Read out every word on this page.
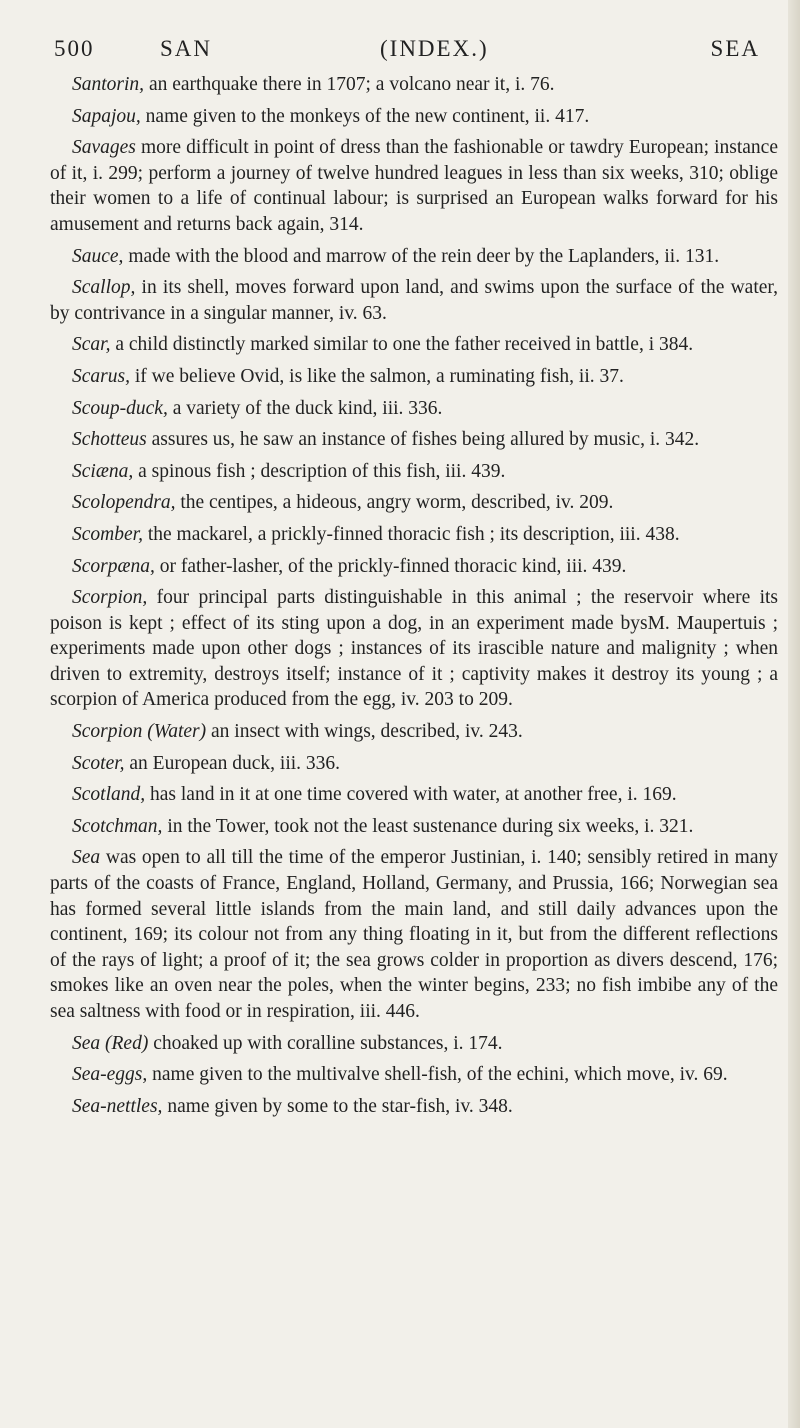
500	SAN	(INDEX.)	SEA

Santorin, an earthquake there in 1707; a volcano near it, i. 76.

Sapajou, name given to the monkeys of the new continent, ii. 417.

Savages more difficult in point of dress than the fashionable or tawdry European; instance of it, i. 299; perform a journey of twelve hundred leagues in less than six weeks, 310; oblige their women to a life of continual labour; is surprised an European walks forward for his amusement and returns back again, 314.

Sauce, made with the blood and marrow of the rein deer by the Laplanders, ii. 131.

Scallop, in its shell, moves forward upon land, and swims upon the surface of the water, by contrivance in a singular manner, iv. 63.

Scar, a child distinctly marked similar to one the father received in battle, i 384.

Scarus, if we believe Ovid, is like the salmon, a ruminating fish, ii. 37.

Scoup-duck, a variety of the duck kind, iii. 336.

Schotteus assures us, he saw an instance of fishes being allured by music, i. 342.

Sciæna, a spinous fish ; description of this fish, iii. 439.

Scolopendra, the centipes, a hideous, angry worm, described, iv. 209.

Scomber, the mackarel, a prickly-finned thoracic fish ; its description, iii. 438.

Scorpæna, or father-lasher, of the prickly-finned thoracic kind, iii. 439.

Scorpion, four principal parts distinguishable in this animal ; the reservoir where its poison is kept ; effect of its sting upon a dog, in an experiment made bysM. Maupertuis ; experiments made upon other dogs ; instances of its irascible nature and malignity ; when driven to extremity, destroys itself; instance of it ; captivity makes it destroy its young ; a scorpion of America produced from the egg, iv. 203 to 209.

Scorpion (Water) an insect with wings, described, iv. 243.

Scoter, an European duck, iii. 336.

Scotland, has land in it at one time covered with water, at another free, i. 169.

Scotchman, in the Tower, took not the least sustenance during six weeks, i. 321.

Sea was open to all till the time of the emperor Justinian, i. 140; sensibly retired in many parts of the coasts of France, England, Holland, Germany, and Prussia, 166; Norwegian sea has formed several little islands from the main land, and still daily advances upon the continent, 169; its colour not from any thing floating in it, but from the different reflections of the rays of light; a proof of it; the sea grows colder in proportion as divers descend, 176; smokes like an oven near the poles, when the winter begins, 233; no fish imbibe any of the sea saltness with food or in respiration, iii. 446.

Sea (Red) choaked up with coralline substances, i. 174.

Sea-eggs, name given to the multivalve shell-fish, of the echini, which move, iv. 69.

Sea-nettles, name given by some to the star-fish, iv. 348.
